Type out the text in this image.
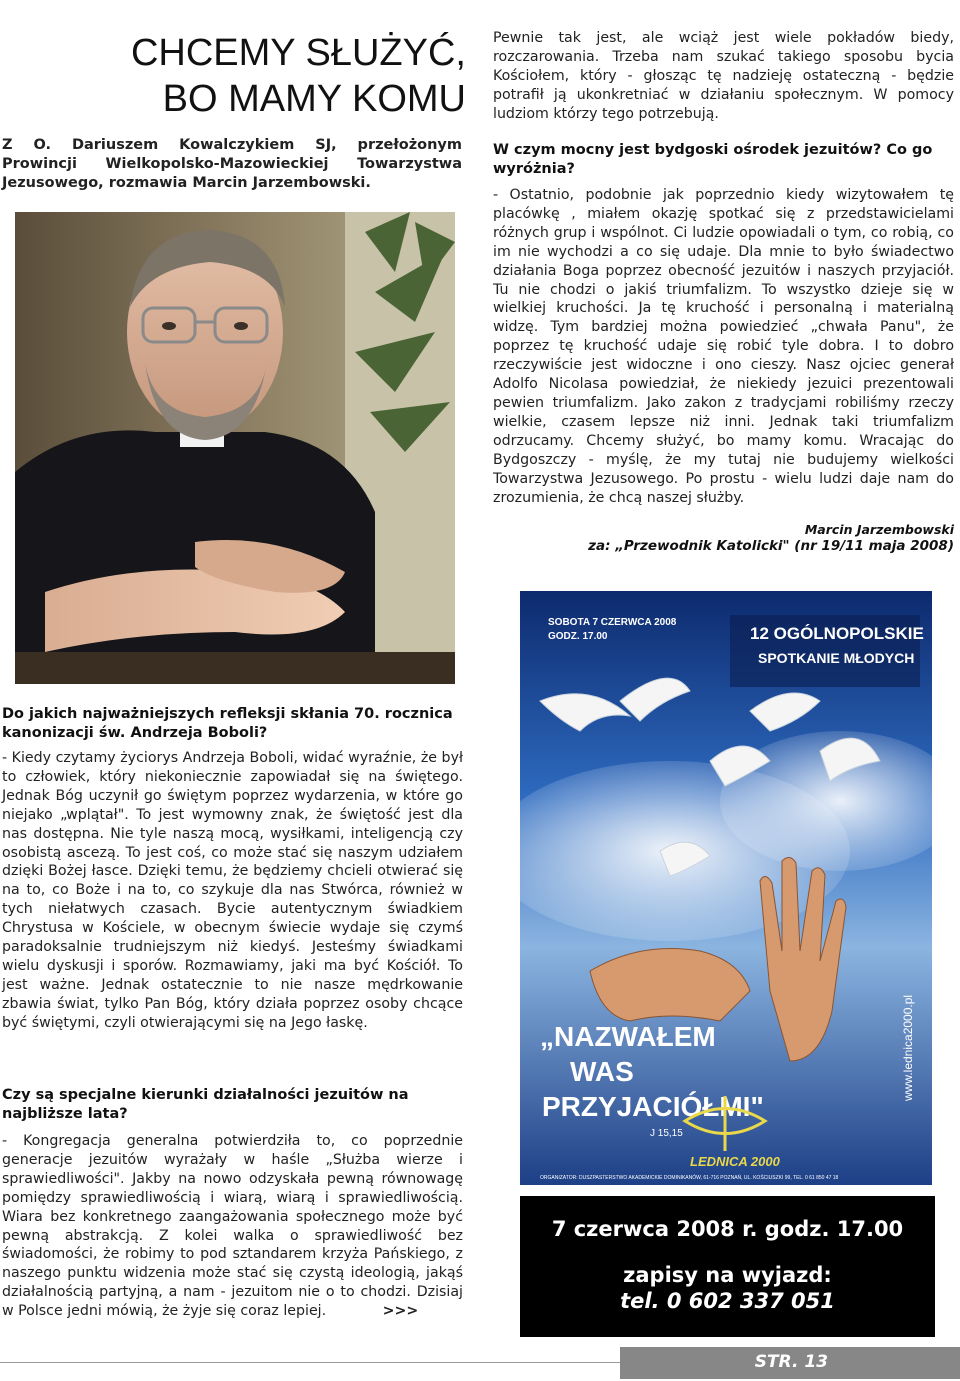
CHCEMY SŁUŻYĆ,
BO MAMY KOMU

Z O. Dariuszem Kowalczykiem SJ, przełożonym Prowincji Wielkopolsko-Mazowieckiej Towarzystwa Jezusowego, rozmawia Marcin Jarzembowski.

Do jakich najważniejszych refleksji skłania 70. rocznica kanonizacji św. Andrzeja Boboli?

- Kiedy czytamy życiorys Andrzeja Boboli, widać wyraźnie, że był to człowiek, który niekoniecznie zapowiadał się na świętego. Jednak Bóg uczynił go świętym poprzez wydarzenia, w które go niejako „wplątał". To jest wymowny znak, że świętość jest dla nas dostępna. Nie tyle naszą mocą, wysiłkami, inteligencją czy osobistą ascezą. To jest coś, co może stać się naszym udziałem dzięki Bożej łasce. Dzięki temu, że będziemy chcieli otwierać się na to, co Boże i na to, co szykuje dla nas Stwórca, również w tych niełatwych czasach. Bycie autentycznym świadkiem Chrystusa w Kościele, w obecnym świecie wydaje się czymś paradoksalnie trudniejszym niż kiedyś. Jesteśmy świadkami wielu dyskusji i sporów. Rozmawiamy, jaki ma być Kościół. To jest ważne. Jednak ostatecznie to nie nasze mędrkowanie zbawia świat, tylko Pan Bóg, który działa poprzez osoby chcące być świętymi, czyli otwierającymi się na Jego łaskę.

Czy są specjalne kierunki działalności jezuitów na najbliższe lata?

- Kongregacja generalna potwierdziła to, co poprzednie generacje jezuitów wyrażały w haśle „Służba wierze i sprawiedliwości". Jakby na nowo odzyskała pewną równowagę pomiędzy sprawiedliwością i wiarą, wiarą i sprawiedliwością. Wiara bez konkretnego zaangażowania społecznego może być pewną abstrakcją. Z kolei walka o sprawiedliwość bez świadomości, że robimy to pod sztandarem krzyża Pańskiego, z naszego punktu widzenia może stać się czystą ideologią, jakąś działalnością partyjną, a nam - jezuitom nie o to chodzi. Dzisiaj w Polsce jedni mówią, że żyje się coraz lepiej.	>>>

Pewnie tak jest, ale wciąż jest wiele pokładów biedy, rozczarowania. Trzeba nam szukać takiego sposobu bycia Kościołem, który - głosząc tę nadzieję ostateczną - będzie potrafił ją ukonkretniać w działaniu społecznym. W pomocy ludziom którzy tego potrzebują.

W czym mocny jest bydgoski ośrodek jezuitów? Co go wyróżnia?

- Ostatnio, podobnie jak poprzednio kiedy wizytowałem tę placówkę , miałem okazję spotkać się z przedstawicielami różnych grup i wspólnot. Ci ludzie opowiadali o tym, co robią, co im nie wychodzi a co się udaje. Dla mnie to było świadectwo działania Boga poprzez obecność jezuitów i naszych przyjaciół. Tu nie chodzi o jakiś triumfalizm. To wszystko dzieje się w wielkiej kruchości. Ja tę kruchość i personalną i materialną widzę. Tym bardziej można powiedzieć „chwała Panu", że poprzez tę kruchość udaje się robić tyle dobra. I to dobro rzeczywiście jest widoczne i ono cieszy. Nasz ojciec generał Adolfo Nicolasa powiedział, że niekiedy jezuici prezentowali pewien triumfalizm. Jako zakon z tradycjami robiliśmy rzeczy wielkie, czasem lepsze niż inni. Jednak taki triumfalizm odrzucamy. Chcemy służyć, bo mamy komu. Wracając do Bydgoszczy - myślę, że my tutaj nie budujemy wielkości Towarzystwa Jezusowego. Po prostu - wielu ludzi daje nam do zrozumienia, że chcą naszej służby.

Marcin Jarzembowski

za: „Przewodnik Katolicki" (nr 19/11 maja 2008)

SOBOTA 7 CZERWCA 2008
GODZ. 17.00	12 OGÓLNOPOLSKIE
SPOTKANIE MŁODYCH
„NAZWAŁEM
WAS
PRZYJACIÓŁMI"
J 15,15
www.lednica2000.pl
LEDNICA 2000
ORGANIZATOR: DUSZPASTERSTWO AKADEMICKIE DOMINIKANÓW, 61-716 POZNAŃ, UL. KOŚCIUSZKI 99, TEL. 0 61 850 47 18
7 czerwca 2008 r. godz. 17.00
zapisy na wyjazd:
tel. 0 602 337 051
STR. 13
